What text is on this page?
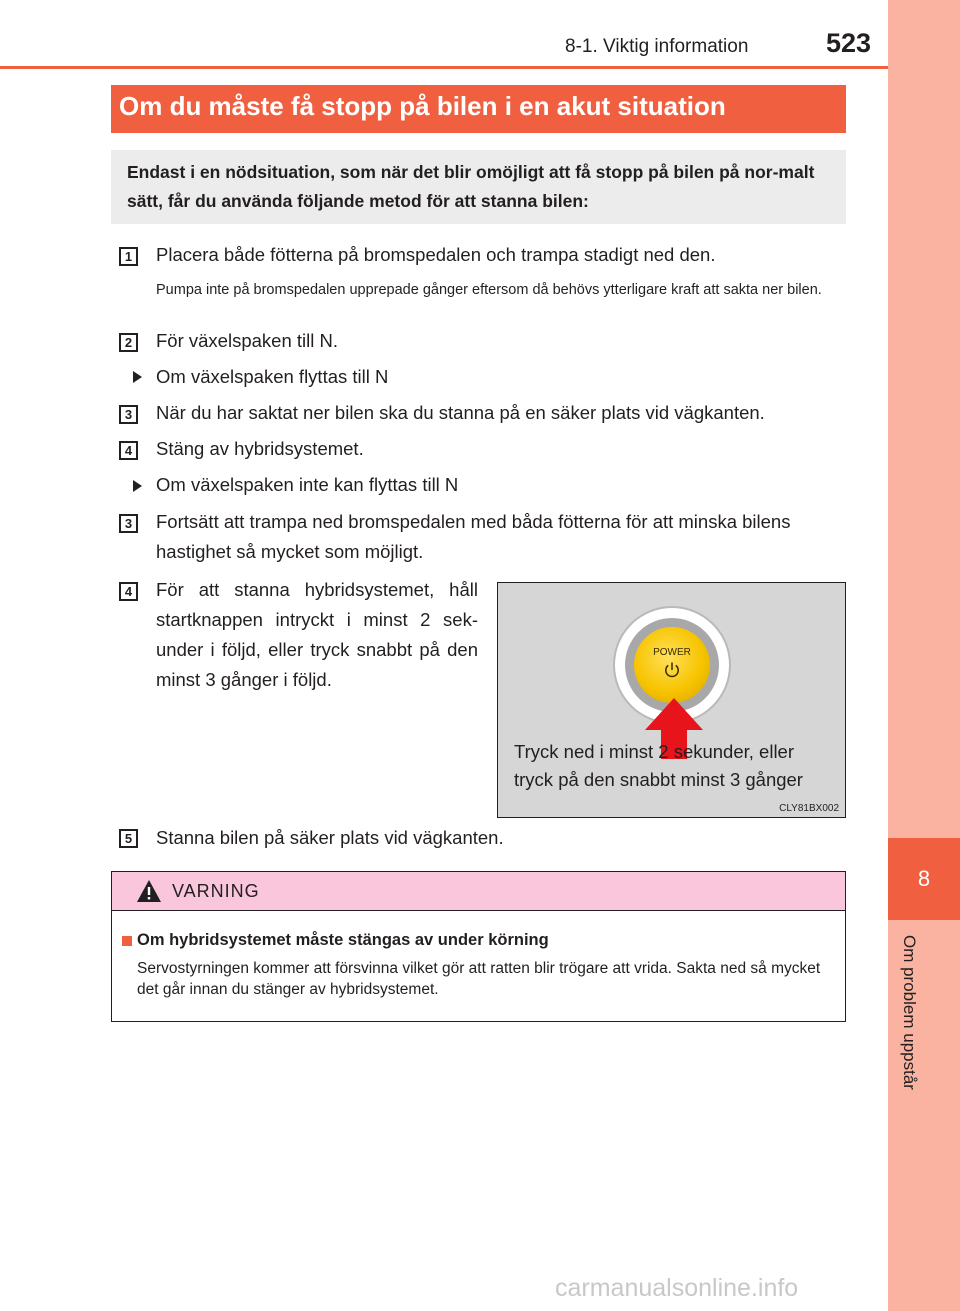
8
Om problem uppstår
8-1. Viktig information	523
Om du måste få stopp på bilen i en akut situation
Endast i en nödsituation, som när det blir omöjligt att få stopp på bilen på nor-malt sätt, får du använda följande metod för att stanna bilen:
1	Placera både fötterna på bromspedalen och trampa stadigt ned den.
Pumpa inte på bromspedalen upprepade gånger eftersom då behövs ytterligare kraft att sakta ner bilen.
2	För växelspaken till N.
Om växelspaken flyttas till N
3	När du har saktat ner bilen ska du stanna på en säker plats vid vägkanten.
4	Stäng av hybridsystemet.
Om växelspaken inte kan flyttas till N
3	Fortsätt att trampa ned bromspedalen med båda fötterna för att minska bilens hastighet så mycket som möjligt.
4	För att stanna hybridsystemet, håll startknappen intryckt i minst 2 sek-under i följd, eller tryck snabbt på den minst 3 gånger i följd.
POWER
Tryck ned i minst 2 sekunder, eller tryck på den snabbt minst 3 gånger
CLY81BX002
5	Stanna bilen på säker plats vid vägkanten.
VARNING
Om hybridsystemet måste stängas av under körning
Servostyrningen kommer att försvinna vilket gör att ratten blir trögare att vrida. Sakta ned så mycket det går innan du stänger av hybridsystemet.
carmanualsonline.info
